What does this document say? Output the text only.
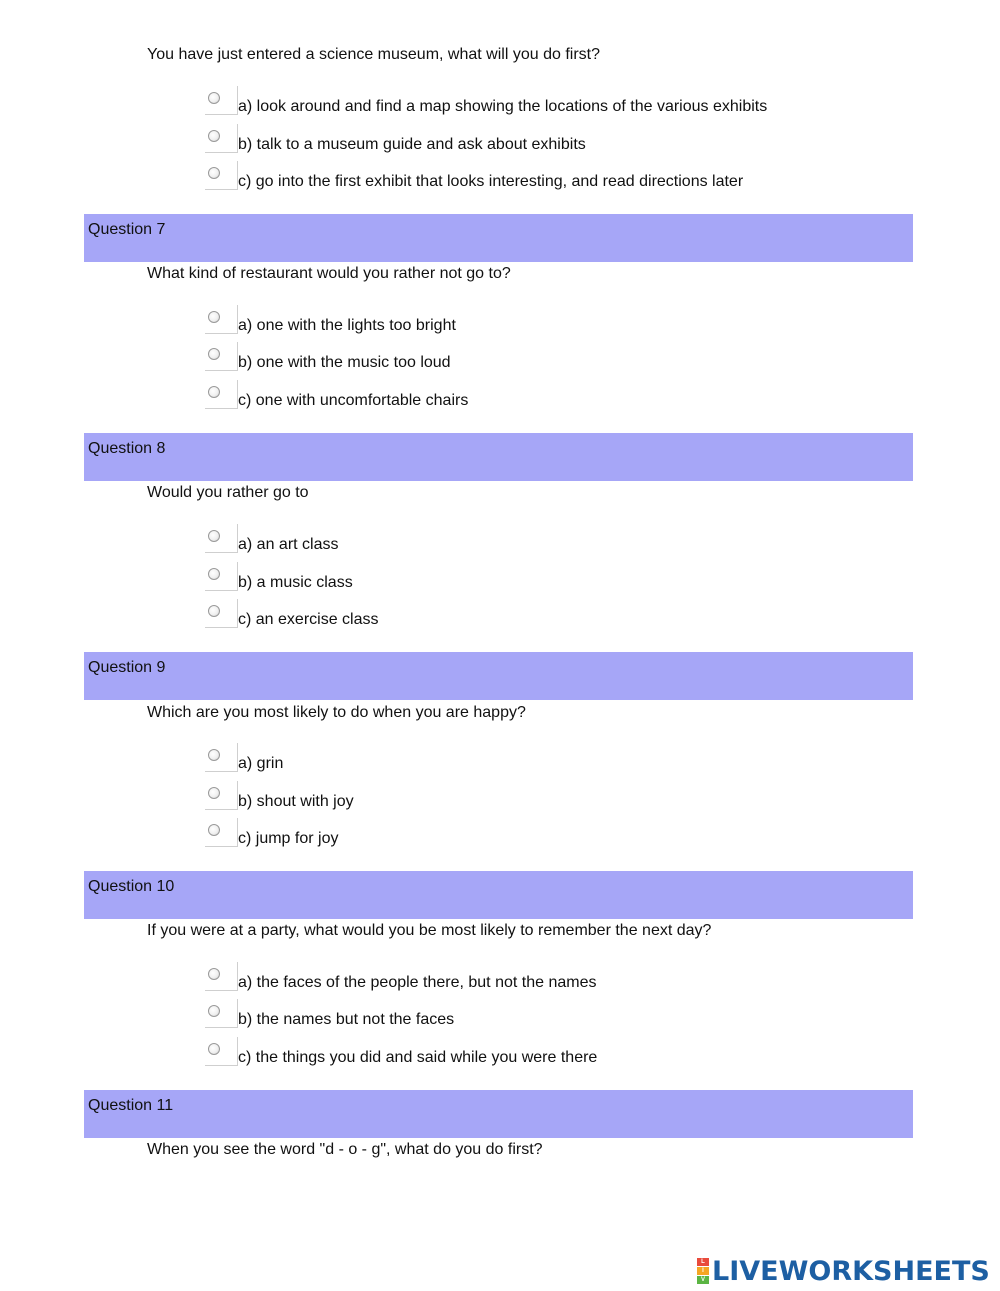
You have just entered a science museum, what will you do first?
a) look around and find a map showing the locations of the various exhibits
b) talk to a museum guide and ask about exhibits
c) go into the first exhibit that looks interesting, and read directions later
Question 7
What kind of restaurant would you rather not go to?
a) one with the lights too bright
b) one with the music too loud
c) one with uncomfortable chairs
Question 8
Would you rather go to
a) an art class
b) a music class
c) an exercise class
Question 9
Which are you most likely to do when you are happy?
a) grin
b) shout with joy
c) jump for joy
Question 10
If you were at a party, what would you be most likely to remember the next day?
a) the faces of the people there, but not the names
b) the names but not the faces
c) the things you did and said while you were there
Question 11
When you see the word "d - o - g", what do you do first?
L
I
V LIVEWORKSHEETS
